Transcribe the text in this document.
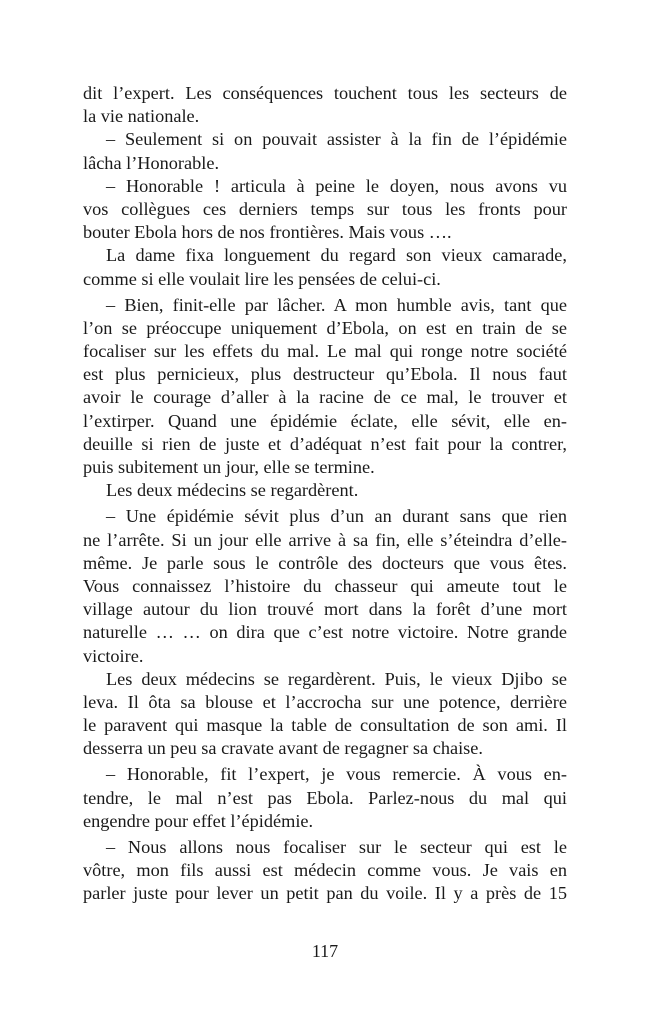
dit l’expert. Les conséquences touchent tous les secteurs de
la vie nationale.
– Seulement si on pouvait assister à la fin de l’épidémie
lâcha l’Honorable.
– Honorable ! articula à peine le doyen, nous avons vu
vos collègues ces derniers temps sur tous les fronts pour
bouter Ebola hors de nos frontières. Mais vous ….
La dame fixa longuement du regard son vieux camarade,
comme si elle voulait lire les pensées de celui-ci.
– Bien, finit-elle par lâcher. A mon humble avis, tant que
l’on se préoccupe uniquement d’Ebola, on est en train de se
focaliser sur les effets du mal. Le mal qui ronge notre société
est plus pernicieux, plus destructeur qu’Ebola. Il nous faut
avoir le courage d’aller à la racine de ce mal, le trouver et
l’extirper. Quand une épidémie éclate, elle sévit, elle en-
deuille si rien de juste et d’adéquat n’est fait pour la contrer,
puis subitement un jour, elle se termine.
Les deux médecins se regardèrent.
– Une épidémie sévit plus d’un an durant sans que rien
ne l’arrête. Si un jour elle arrive à sa fin, elle s’éteindra d’elle-
même. Je parle sous le contrôle des docteurs que vous êtes.
Vous connaissez l’histoire du chasseur qui ameute tout le
village autour du lion trouvé mort dans la forêt d’une mort
naturelle … … on dira que c’est notre victoire. Notre grande
victoire.
Les deux médecins se regardèrent. Puis, le vieux Djibo se
leva. Il ôta sa blouse et l’accrocha sur une potence, derrière
le paravent qui masque la table de consultation de son ami. Il
desserra un peu sa cravate avant de regagner sa chaise.
– Honorable, fit l’expert, je vous remercie. À vous en-
tendre, le mal n’est pas Ebola. Parlez-nous du mal qui
engendre pour effet l’épidémie.
– Nous allons nous focaliser sur le secteur qui est le
vôtre, mon fils aussi est médecin comme vous. Je vais en
parler juste pour lever un petit pan du voile. Il y a près de 15
117
